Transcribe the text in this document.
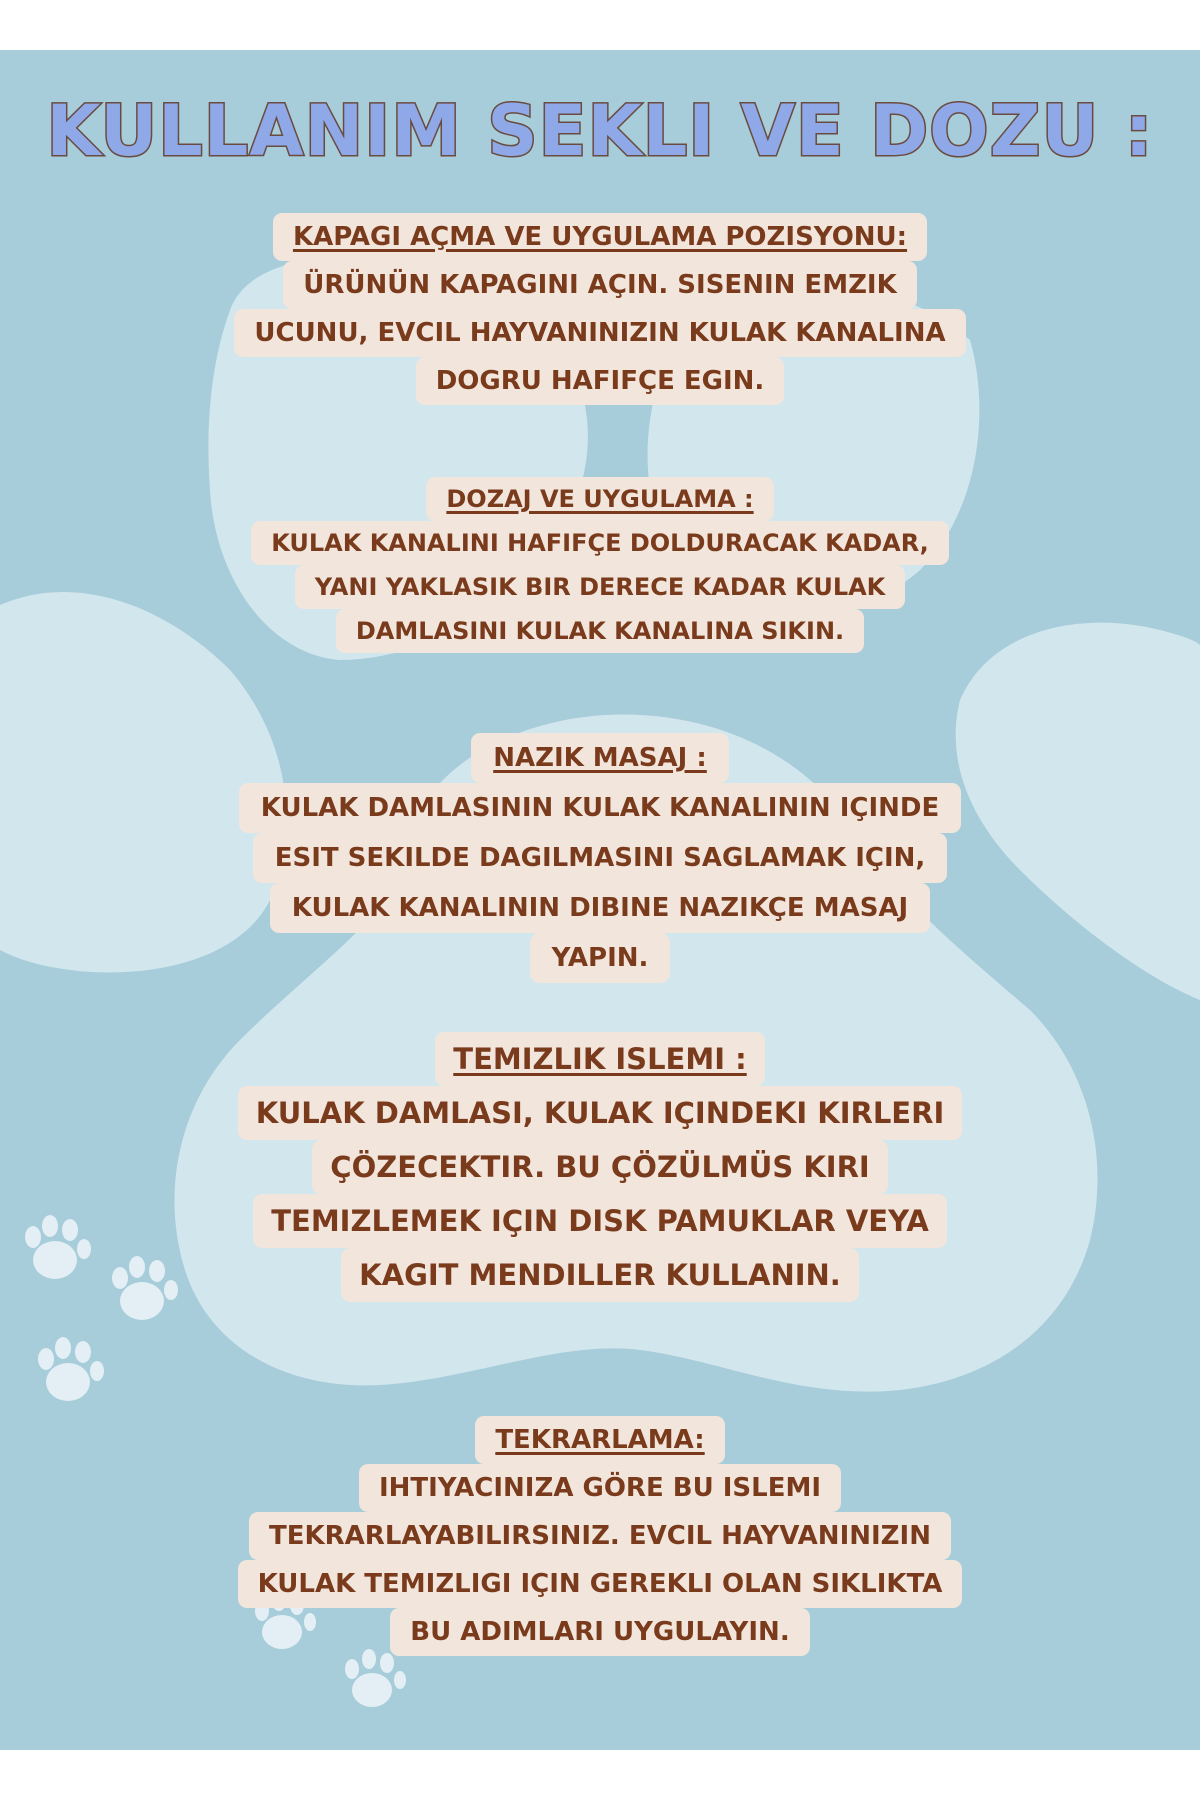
KULLANIM SEKLI VE DOZU :
KAPAGI AÇMA VE UYGULAMA POZISYONU:
ÜRÜNÜN KAPAGINI AÇIN. SISENIN EMZIK
UCUNU, EVCIL HAYVANINIZIN KULAK KANALINA
DOGRU HAFIFÇE EGIN.
DOZAJ VE UYGULAMA :
KULAK KANALINI HAFIFÇE DOLDURACAK KADAR,
YANI YAKLASIK BIR DERECE KADAR KULAK
DAMLASINI KULAK KANALINA SIKIN.
NAZIK MASAJ :
KULAK DAMLASININ KULAK KANALININ IÇINDE
ESIT SEKILDE DAGILMASINI SAGLAMAK IÇIN,
KULAK KANALININ DIBINE NAZIKÇE MASAJ
YAPIN.
TEMIZLIK ISLEMI :
KULAK DAMLASI, KULAK IÇINDEKI KIRLERI
ÇÖZECEKTIR. BU ÇÖZÜLMÜS KIRI
TEMIZLEMEK IÇIN DISK PAMUKLAR VEYA
KAGIT MENDILLER KULLANIN.
TEKRARLAMA:
IHTIYACINIZA GÖRE BU ISLEMI
TEKRARLAYABILIRSINIZ. EVCIL HAYVANINIZIN
KULAK TEMIZLIGI IÇIN GEREKLI OLAN SIKLIKTA
BU ADIMLARI UYGULAYIN.
